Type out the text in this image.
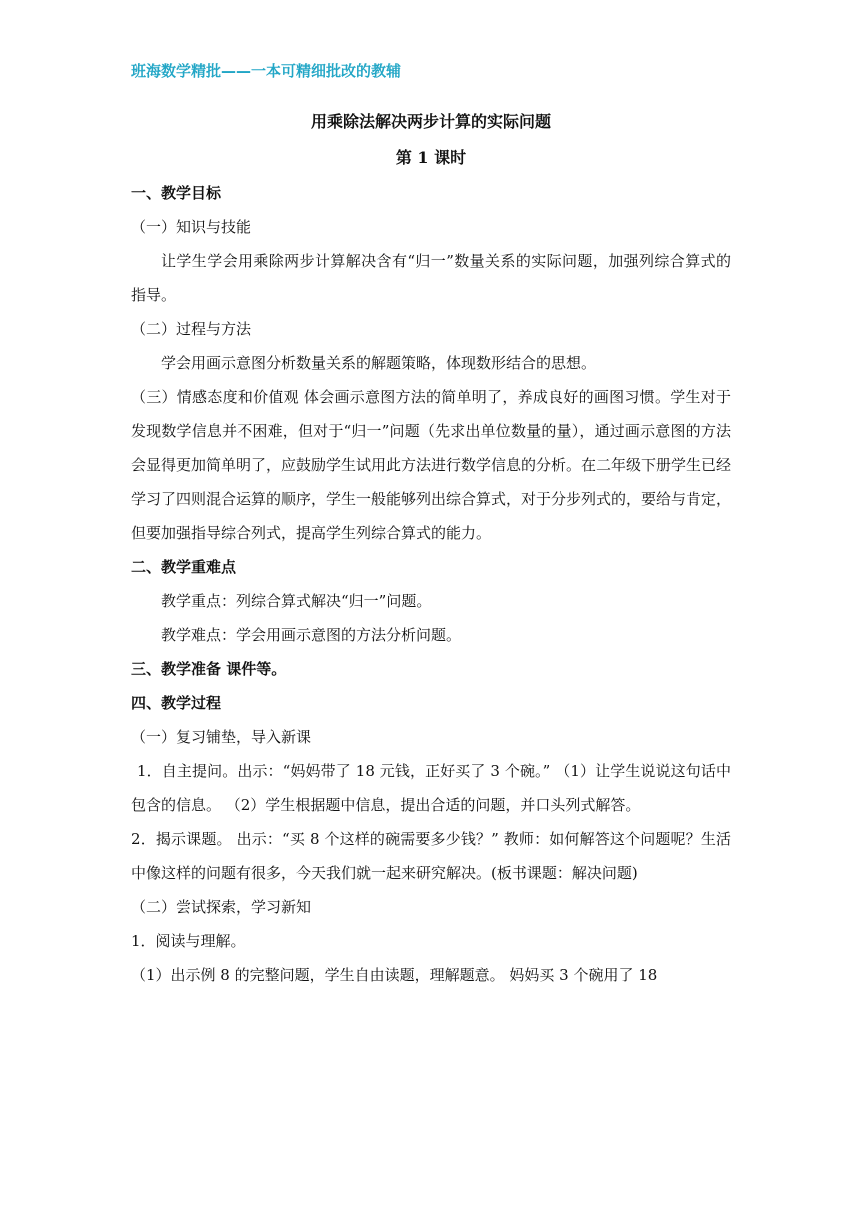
班海数学精批——一本可精细批改的教辅

用乘除法解决两步计算的实际问题

第 1 课时

一、教学目标

（一）知识与技能

让学生学会用乘除两步计算解决含有“归一”数量关系的实际问题，加强列综合算式的指导。

（二）过程与方法

学会用画示意图分析数量关系的解题策略，体现数形结合的思想。

（三）情感态度和价值观 体会画示意图方法的简单明了，养成良好的画图习惯。学生对于发现数学信息并不困难，但对于“归一”问题（先求出单位数量的量），通过画示意图的方法会显得更加简单明了，应鼓励学生试用此方法进行数学信息的分析。在二年级下册学生已经学习了四则混合运算的顺序，学生一般能够列出综合算式，对于分步列式的，要给与肯定，但要加强指导综合列式，提高学生列综合算式的能力。

二、教学重难点

教学重点：列综合算式解决“归一”问题。

教学难点：学会用画示意图的方法分析问题。

三、教学准备 课件等。

四、教学过程

（一）复习铺垫，导入新课

1．自主提问。出示：“妈妈带了 18 元钱，正好买了 3 个碗。” （1）让学生说说这句话中包含的信息。 （2）学生根据题中信息，提出合适的问题，并口头列式解答。

2．揭示课题。 出示：“买 8 个这样的碗需要多少钱？” 教师：如何解答这个问题呢？生活中像这样的问题有很多，今天我们就一起来研究解决。(板书课题：解决问题)

（二）尝试探索，学习新知

1．阅读与理解。

（1）出示例 8 的完整问题，学生自由读题，理解题意。 妈妈买 3 个碗用了 18
